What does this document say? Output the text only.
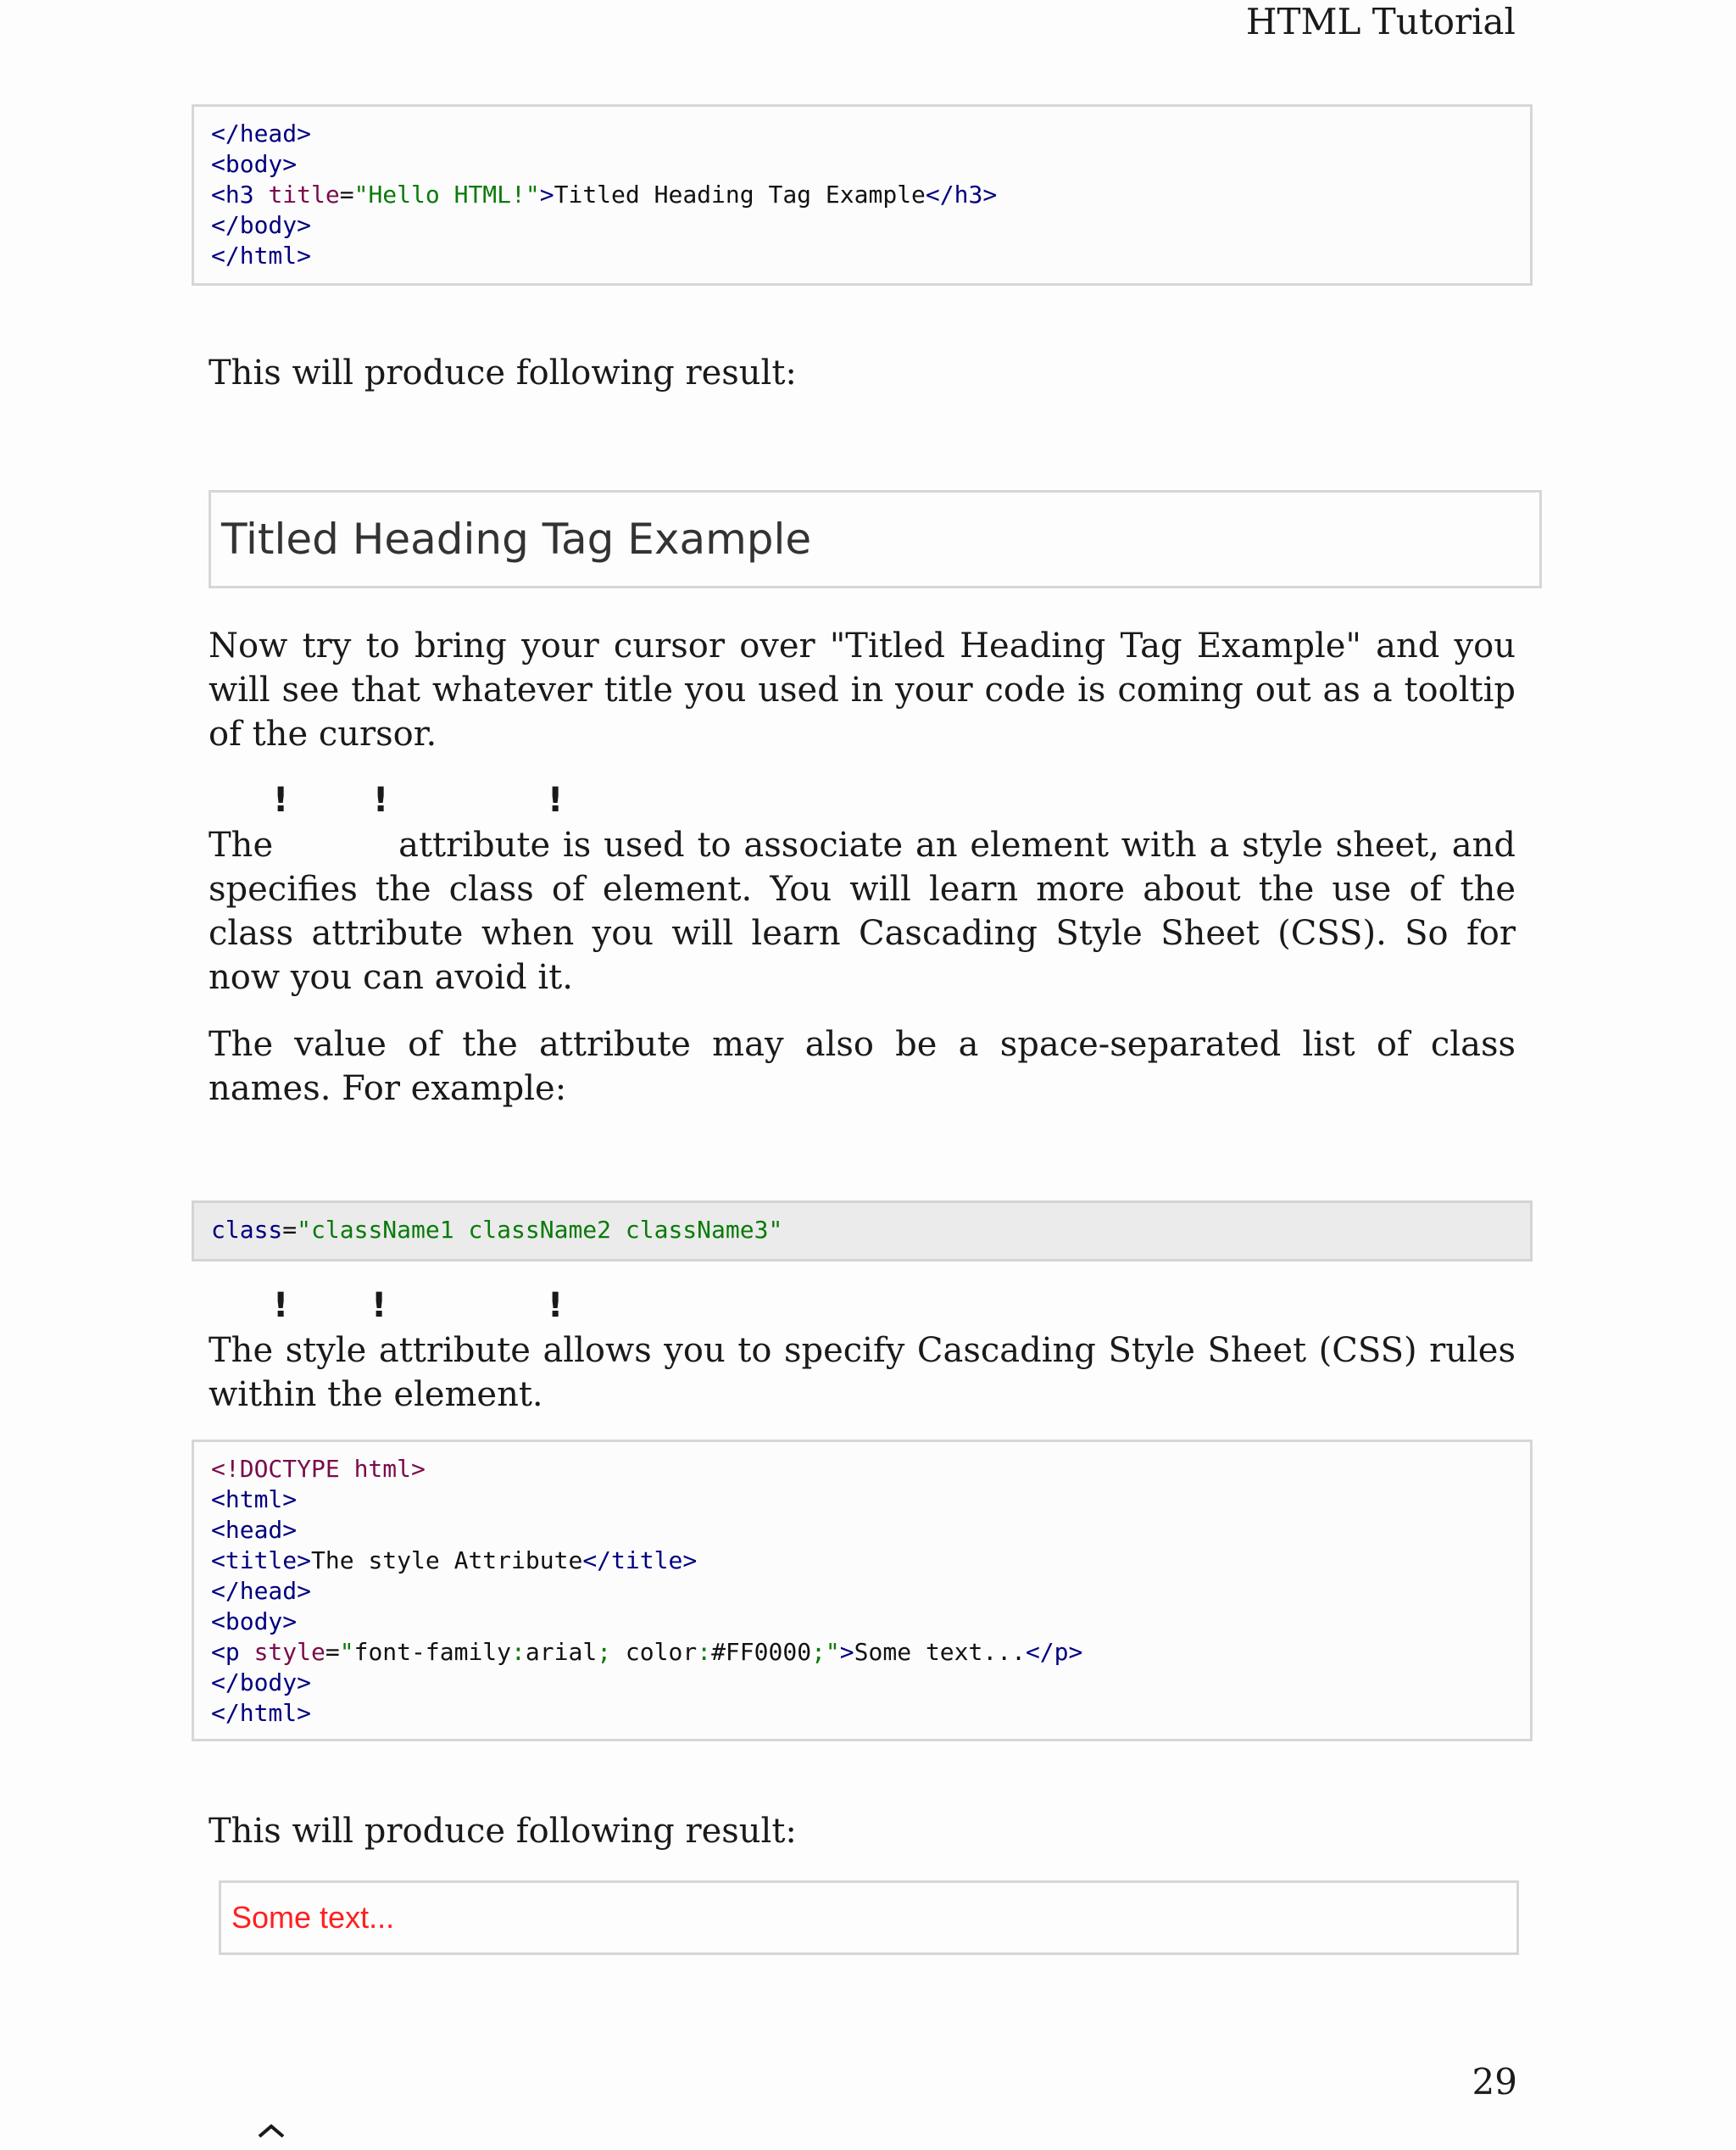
HTML Tutorial
</head>
<body>
<h3 title="Hello HTML!">Titled Heading Tag Example</h3>
</body>
</html>
This will produce following result:
Titled Heading Tag Example
Now try to bring your cursor over "Titled Heading Tag Example" and you will see that whatever title you used in your code is coming out as a tooltip of the cursor.
! !	!
The          attribute is used to associate an element with a style sheet, and specifies the class of element. You will learn more about the use of the class attribute when you will learn Cascading Style Sheet (CSS). So for now you can avoid it.
The value of the attribute may also be a space-separated list of class names. For example:
class="className1 className2 className3"
! !	!
The style attribute allows you to specify Cascading Style Sheet (CSS) rules within the element.
<!DOCTYPE html>
<html>
<head>
<title>The style Attribute</title>
</head>
<body>
<p style="font-family:arial; color:#FF0000;">Some text...</p>
</body>
</html>
This will produce following result:
Some text...
29
